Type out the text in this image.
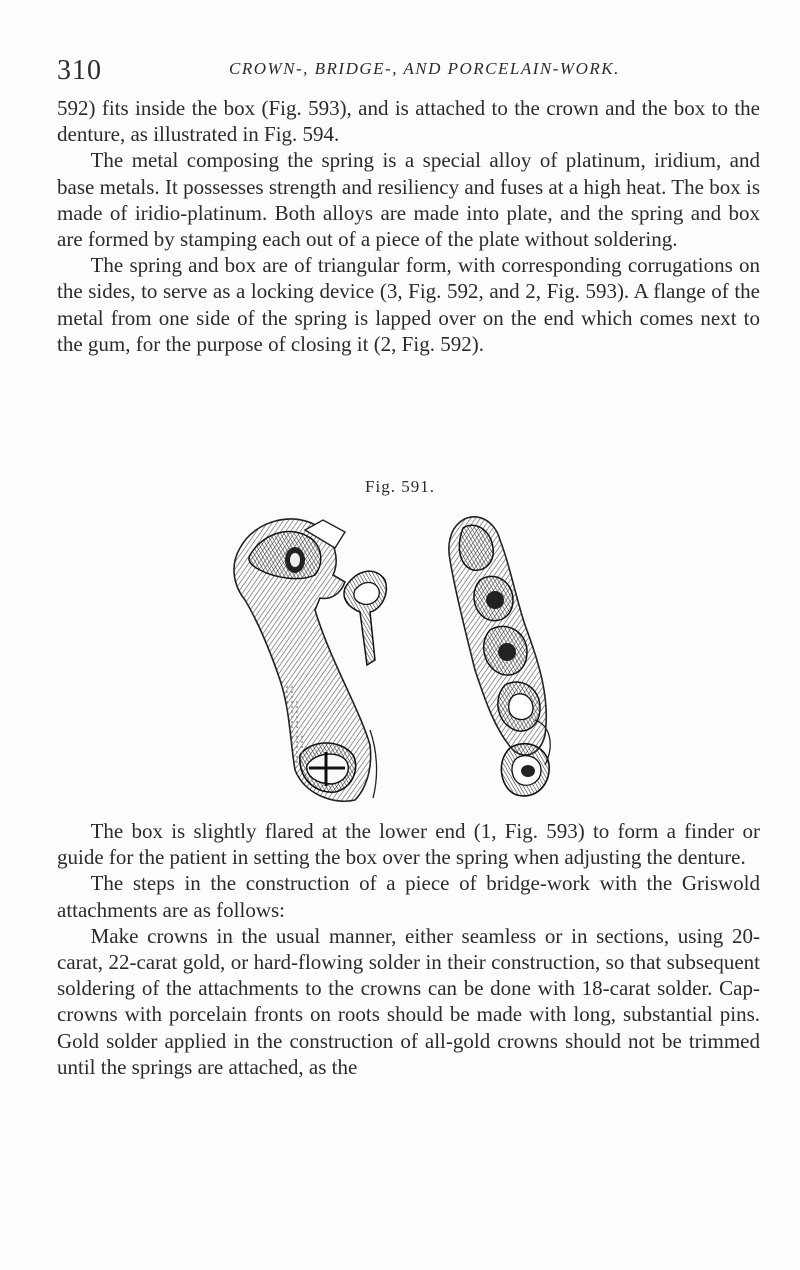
310	CROWN-, BRIDGE-, AND PORCELAIN-WORK.

592) fits inside the box (Fig. 593), and is attached to the crown and the box to the denture, as illustrated in Fig. 594.

The metal composing the spring is a special alloy of platinum, iridium, and base metals. It possesses strength and resiliency and fuses at a high heat. The box is made of iridio-platinum. Both alloys are made into plate, and the spring and box are formed by stamping each out of a piece of the plate without soldering.

The spring and box are of triangular form, with corresponding corrugations on the sides, to serve as a locking device (3, Fig. 592, and 2, Fig. 593). A flange of the metal from one side of the spring is lapped over on the end which comes next to the gum, for the purpose of closing it (2, Fig. 592).

Fig. 591.

The box is slightly flared at the lower end (1, Fig. 593) to form a finder or guide for the patient in setting the box over the spring when adjusting the denture.

The steps in the construction of a piece of bridge-work with the Griswold attachments are as follows:

Make crowns in the usual manner, either seamless or in sections, using 20-carat, 22-carat gold, or hard-flowing solder in their construction, so that subsequent soldering of the attachments to the crowns can be done with 18-carat solder. Cap-crowns with porcelain fronts on roots should be made with long, substantial pins. Gold solder applied in the construction of all-gold crowns should not be trimmed until the springs are attached, as the
